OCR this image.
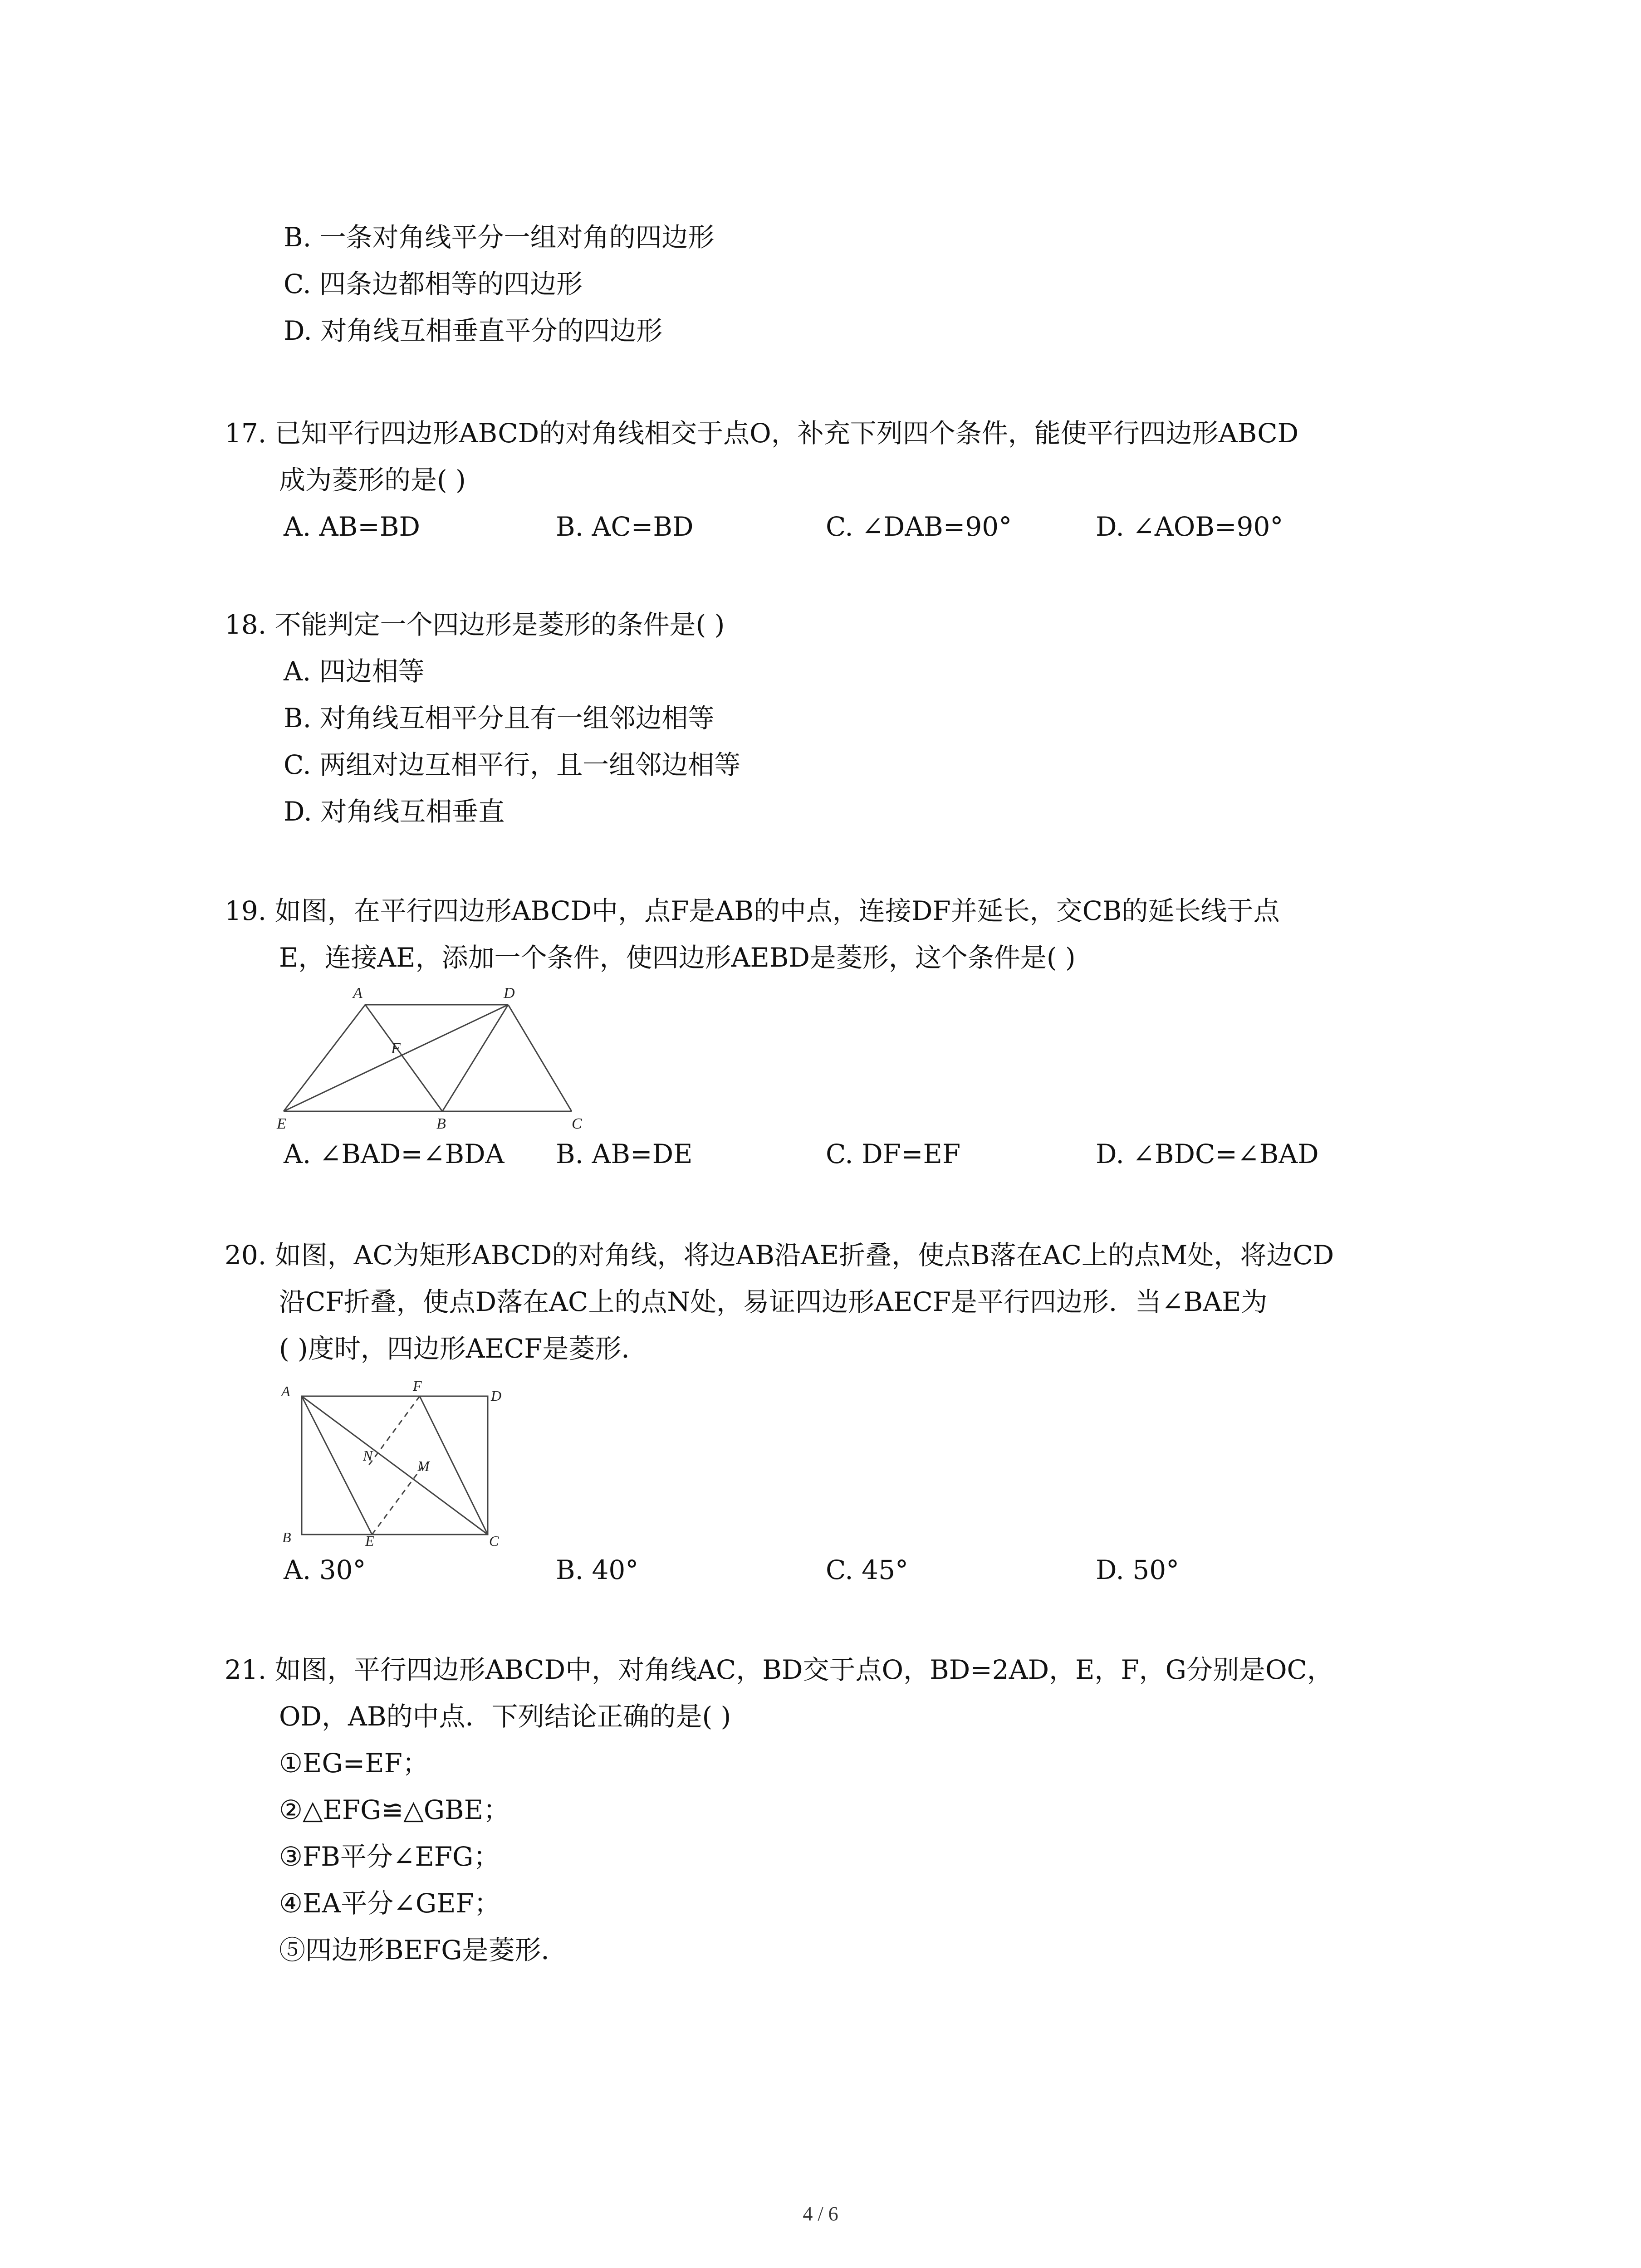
B. 一条对角线平分一组对角的四边形
C. 四条边都相等的四边形
D. 对角线互相垂直平分的四边形
17. 已知平行四边形ABCD的对角线相交于点O，补充下列四个条件，能使平行四边形ABCD
成为菱形的是( )
18. 不能判定一个四边形是菱形的条件是( )
A. 四边相等
B. 对角线互相平分且有一组邻边相等
C. 两组对边互相平行，且一组邻边相等
D. 对角线互相垂直
19. 如图，在平行四边形ABCD中，点F是AB的中点，连接DF并延长，交CB的延长线于点
E，连接AE，添加一个条件，使四边形AEBD是菱形，这个条件是( )
20. 如图，AC为矩形ABCD的对角线，将边AB沿AE折叠，使点B落在AC上的点M处，将边CD
沿CF折叠，使点D落在AC上的点N处，易证四边形AECF是平行四边形．当∠BAE为
( )度时，四边形AECF是菱形．
21. 如图，平行四边形ABCD中，对角线AC，BD交于点O，BD=2AD，E，F，G分别是OC，
OD，AB的中点．下列结论正确的是( )
①EG=EF；
②△EFG≌△GBE；
③FB平分∠EFG；
④EA平分∠GEF；
⑤四边形BEFG是菱形．
A. AB=BD	B. AC=BD	C. ∠DAB=90°	D. ∠AOB=90°
A	D
F
E	B	C
A. ∠BAD=∠BDA B. AB=DE	C. DF=EF	D. ∠BDC=∠BAD
A	F
D
N
M
B	E	C
A. 30°	B. 40°	C. 45°	D. 50°
4 / 6
